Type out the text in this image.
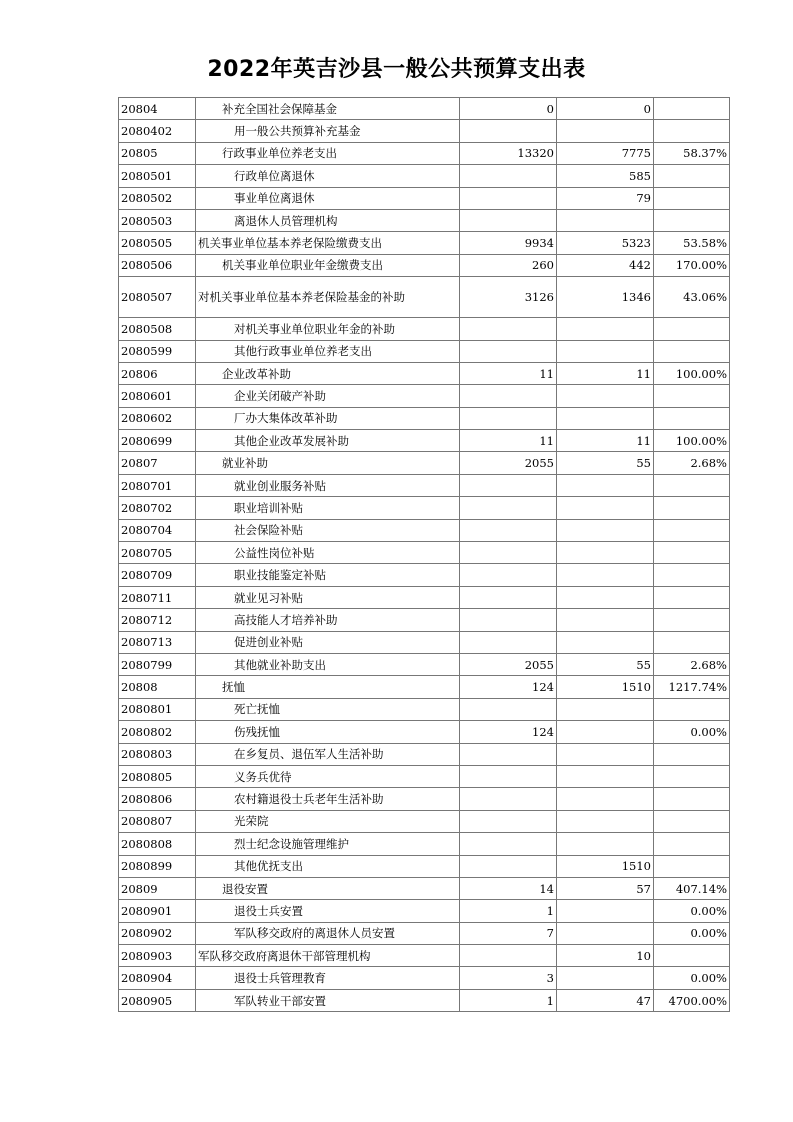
2022年英吉沙县一般公共预算支出表
20804	补充全国社会保障基金	0	0	
2080402	用一般公共预算补充基金			
20805	行政事业单位养老支出	13320	7775	58.37%
2080501	行政单位离退休		585	
2080502	事业单位离退休		79	
2080503	离退休人员管理机构			
2080505	机关事业单位基本养老保险缴费支出	9934	5323	53.58%
2080506	机关事业单位职业年金缴费支出	260	442	170.00%
2080507	对机关事业单位基本养老保险基金的补助	3126	1346	43.06%
2080508	对机关事业单位职业年金的补助			
2080599	其他行政事业单位养老支出			
20806	企业改革补助	11	11	100.00%
2080601	企业关闭破产补助			
2080602	厂办大集体改革补助			
2080699	其他企业改革发展补助	11	11	100.00%
20807	就业补助	2055	55	2.68%
2080701	就业创业服务补贴			
2080702	职业培训补贴			
2080704	社会保险补贴			
2080705	公益性岗位补贴			
2080709	职业技能鉴定补贴			
2080711	就业见习补贴			
2080712	高技能人才培养补助			
2080713	促进创业补贴			
2080799	其他就业补助支出	2055	55	2.68%
20808	抚恤	124	1510	1217.74%
2080801	死亡抚恤			
2080802	伤残抚恤	124		0.00%
2080803	在乡复员、退伍军人生活补助			
2080805	义务兵优待			
2080806	农村籍退役士兵老年生活补助			
2080807	光荣院			
2080808	烈士纪念设施管理维护			
2080899	其他优抚支出		1510	
20809	退役安置	14	57	407.14%
2080901	退役士兵安置	1		0.00%
2080902	军队移交政府的离退休人员安置	7		0.00%
2080903	军队移交政府离退休干部管理机构		10	
2080904	退役士兵管理教育	3		0.00%
2080905	军队转业干部安置	1	47	4700.00%
